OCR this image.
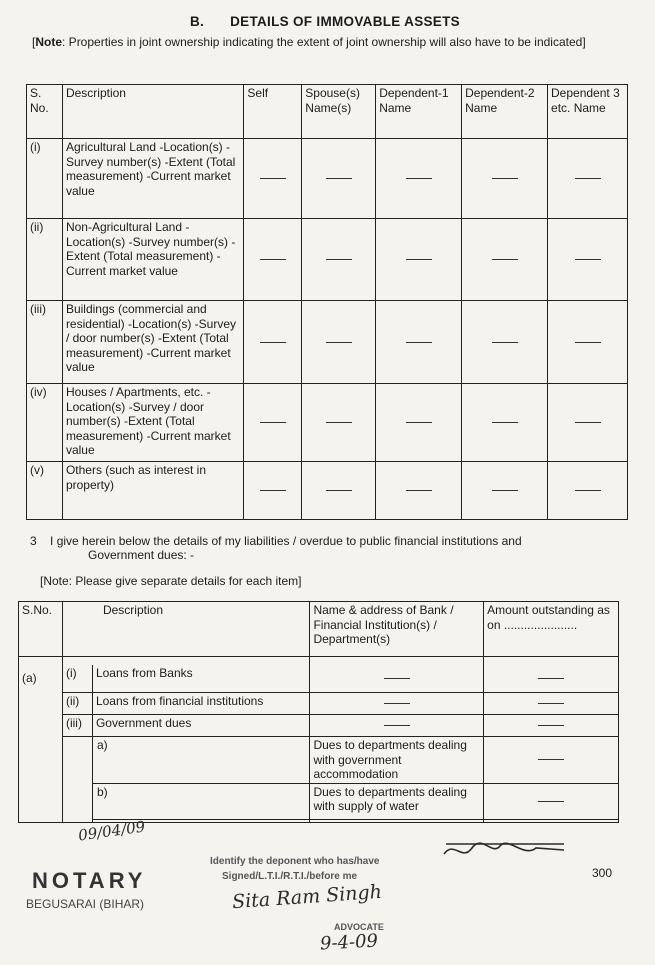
B. DETAILS OF IMMOVABLE ASSETS
[Note: Properties in joint ownership indicating the extent of joint ownership will also have to be indicated]
S. No.	Description	Self	Spouse(s) Name(s)	Dependent-1 Name	Dependent-2 Name	Dependent 3 etc. Name
(i)	Agricultural Land -Location(s) -Survey number(s) -Extent (Total measurement) -Current market value	

(ii)	Non-Agricultural Land -Location(s) -Survey number(s) -Extent (Total measurement) -Current market value	

(iii)	Buildings (commercial and residential) -Location(s) -Survey / door number(s) -Extent (Total measurement) -Current market value	

(iv)	Houses / Apartments, etc. -Location(s) -Survey / door number(s) -Extent (Total measurement) -Current market value	

(v)	Others (such as interest in property)	

3 I give herein below the details of my liabilities / overdue to public financial institutions and
Government dues: -
[Note: Please give separate details for each item]
S.No.	Description		Name & address of Bank / Financial Institution(s) / Department(s)	Amount outstanding as on ......................
(a)				
	(i)	Loans from Banks	

	(ii)	Loans from financial institutions	

	(iii)	Government dues	

		a)	Dues to departments dealing with government accommodation	

		b)	Dues to departments dealing with supply of water	

09/04/09
NOTARY
BEGUSARAI (BIHAR)
Identify the deponent who has/have
Signed/L.T.I./R.T.I./before me
Sita Ram Singh
ADVOCATE
9-4-09
300
